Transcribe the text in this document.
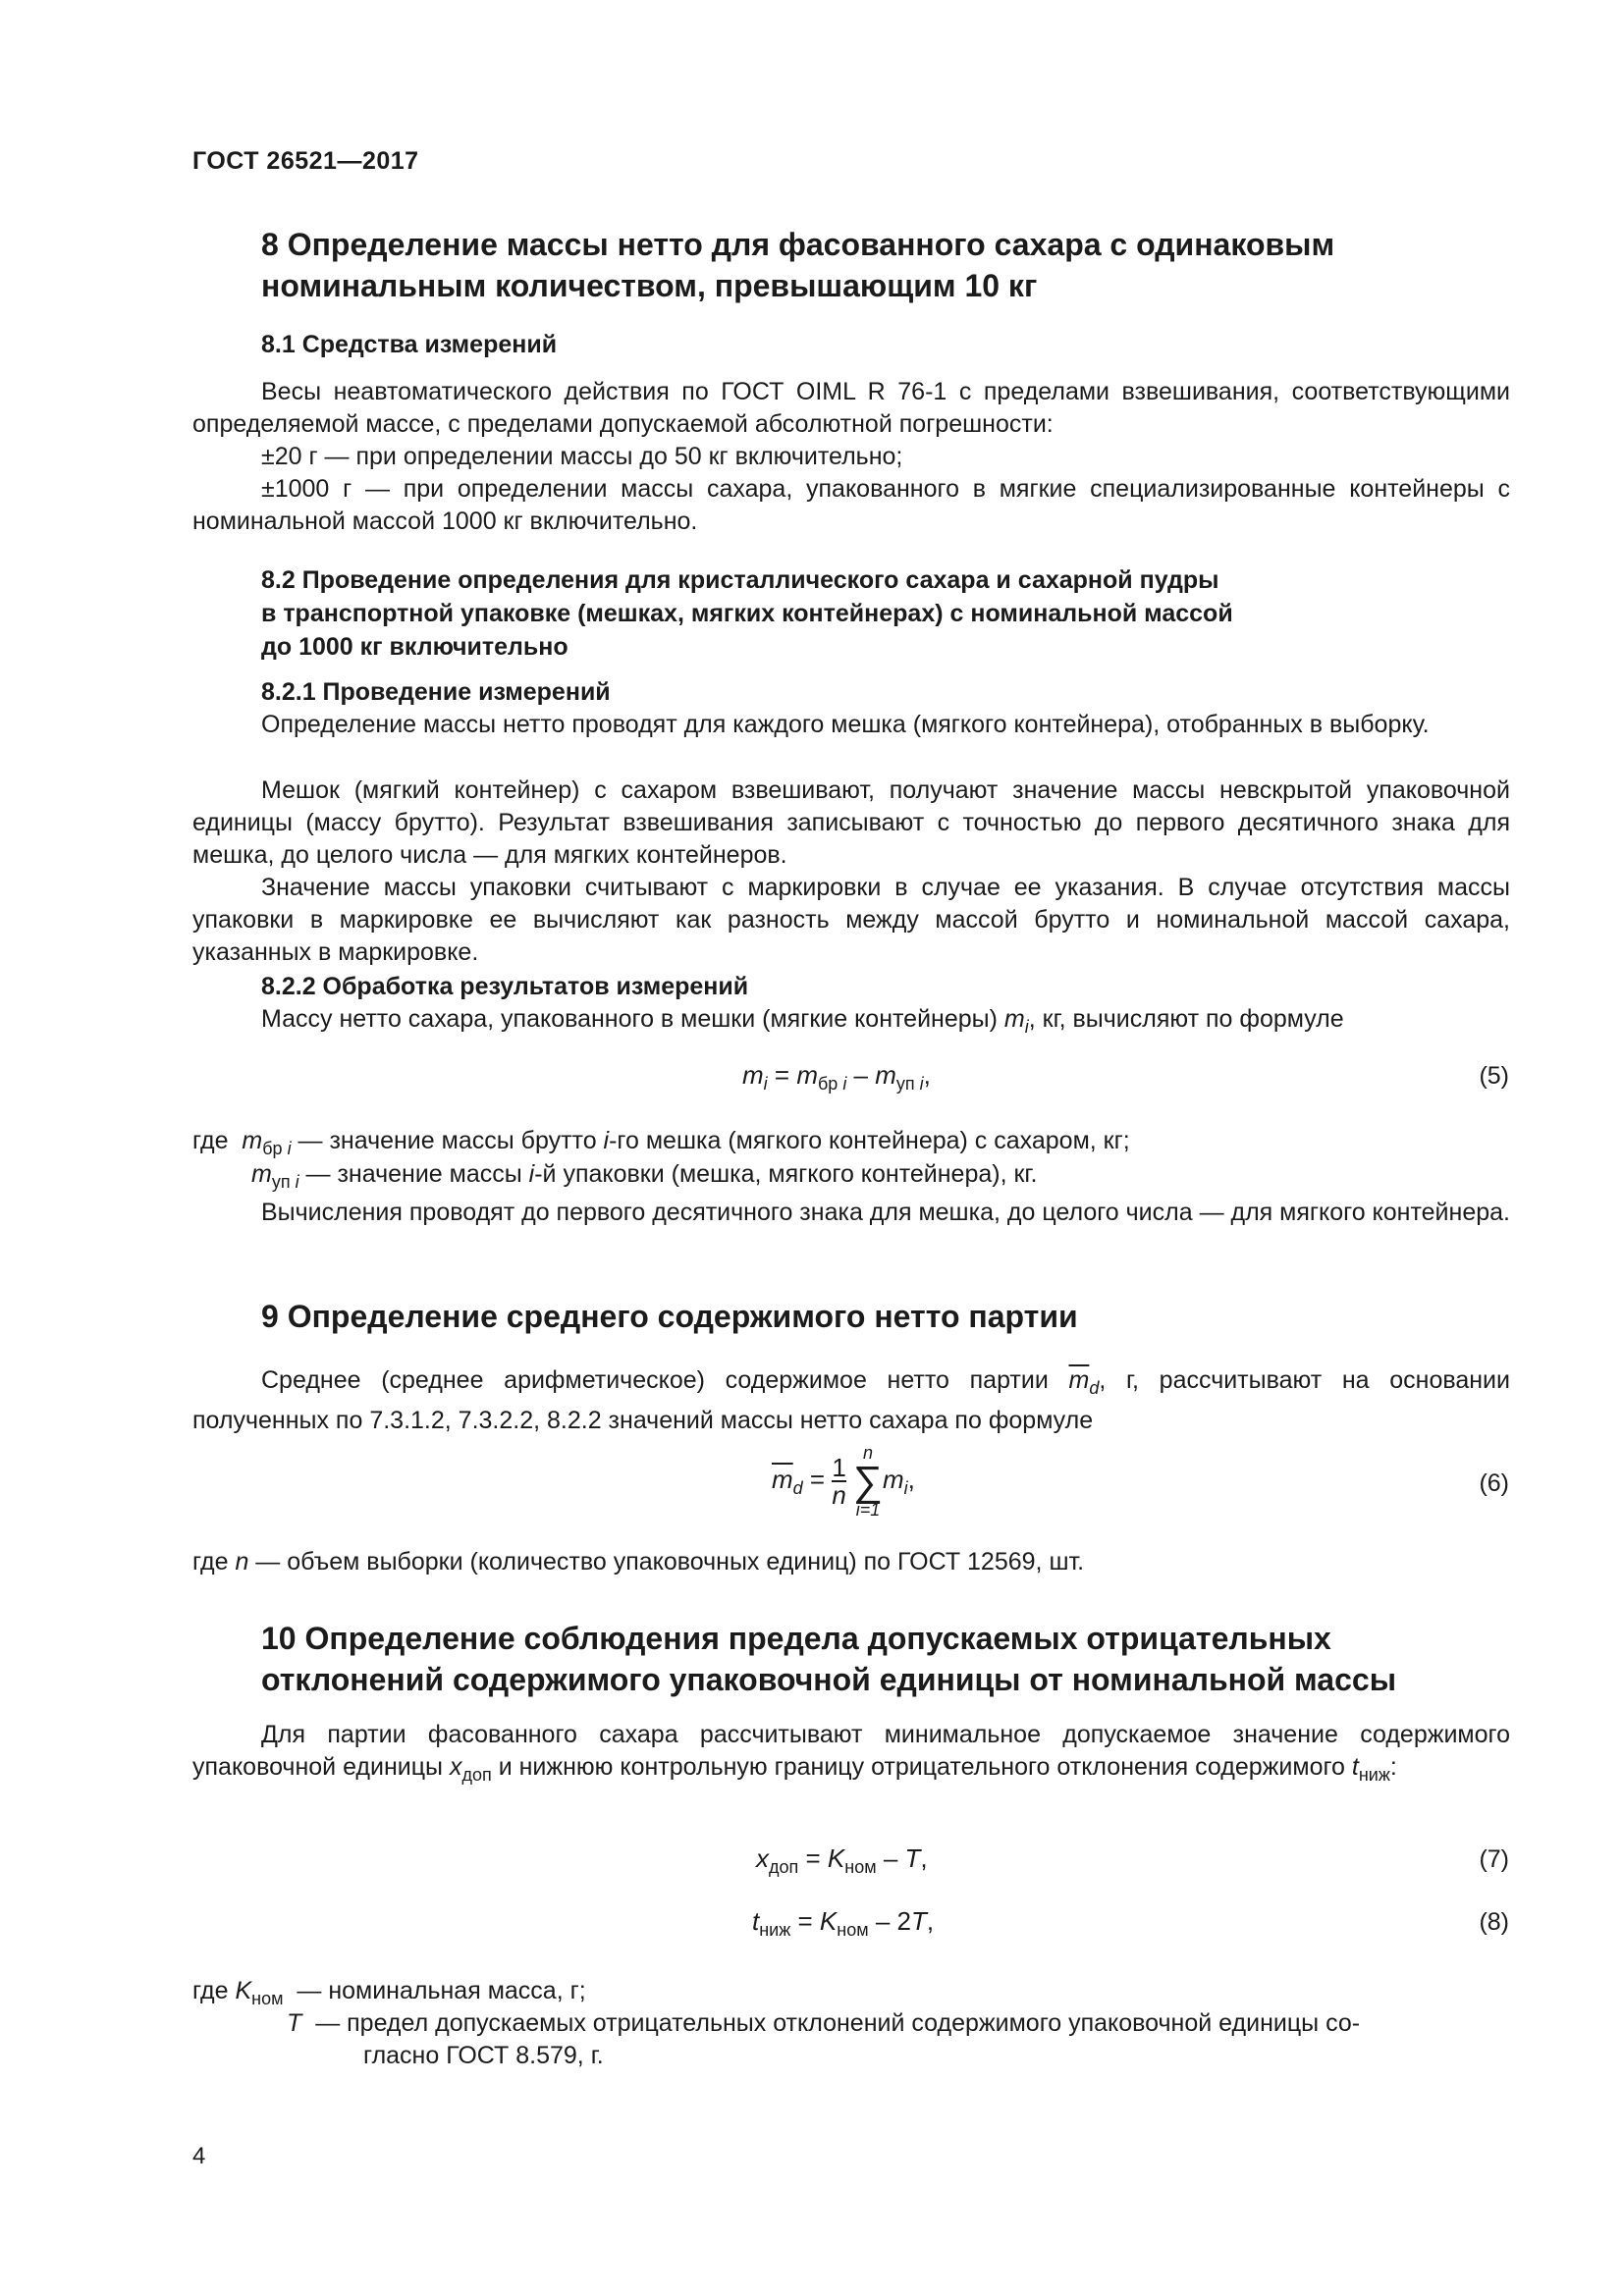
ГОСТ 26521—2017
8 Определение массы нетто для фасованного сахара с одинаковым
номинальным количеством, превышающим 10 кг
8.1 Средства измерений
Весы неавтоматического действия по ГОСТ OIML R 76-1 с пределами взвешивания, соответствующими определяемой массе, с пределами допускаемой абсолютной погрешности:
±20 г — при определении массы до 50 кг включительно;
±1000 г — при определении массы сахара, упакованного в мягкие специализированные контейнеры с номинальной массой 1000 кг включительно.
8.2 Проведение определения для кристаллического сахара и сахарной пудры
в транспортной упаковке (мешках, мягких контейнерах) с номинальной массой
до 1000 кг включительно
8.2.1 Проведение измерений
Определение массы нетто проводят для каждого мешка (мягкого контейнера), отобранных в выборку.
Мешок (мягкий контейнер) с сахаром взвешивают, получают значение массы невскрытой упаковочной единицы (массу брутто). Результат взвешивания записывают с точностью до первого десятичного знака для мешка, до целого числа — для мягких контейнеров.
Значение массы упаковки считывают с маркировки в случае ее указания. В случае отсутствия массы упаковки в маркировке ее вычисляют как разность между массой брутто и номинальной массой сахара, указанных в маркировке.
8.2.2 Обработка результатов измерений
Массу нетто сахара, упакованного в мешки (мягкие контейнеры) $m_i$, кг, вычисляют по формуле
$m_i = m_{бр i} - m_{уп i}$,	(5)
где $m_{бр i}$ — значение массы брутто i-го мешка (мягкого контейнера) с сахаром, кг;
$m_{уп i}$ — значение массы i-й упаковки (мешка, мягкого контейнера), кг.
Вычисления проводят до первого десятичного знака для мешка, до целого числа — для мягкого контейнера.
9 Определение среднего содержимого нетто партии
Среднее (среднее арифметическое) содержимое нетто партии $\overline{m}_d$, г, рассчитывают на основании полученных по 7.3.1.2, 7.3.2.2, 8.2.2 значений массы нетто сахара по формуле
$\overline{m}_d = \frac{1}{n}$

n
∑
i=1
$m_i$,	(6)
где n — объем выборки (количество упаковочных единиц) по ГОСТ 12569, шт.
10 Определение соблюдения предела допускаемых отрицательных
отклонений содержимого упаковочной единицы от номинальной массы
Для партии фасованного сахара рассчитывают минимальное допускаемое значение содержимого упаковочной единицы $x_{доп}$ и нижнюю контрольную границу отрицательного отклонения содержимого $t_{ниж}$:
$x_{доп} = K_{ном} - T$,	(7)
$t_{ниж} = K_{ном} - 2T$,	(8)
где $K_{ном}$ — номинальная масса, г;
T — предел допускаемых отрицательных отклонений содержимого упаковочной единицы со-
гласно ГОСТ 8.579, г.
4
